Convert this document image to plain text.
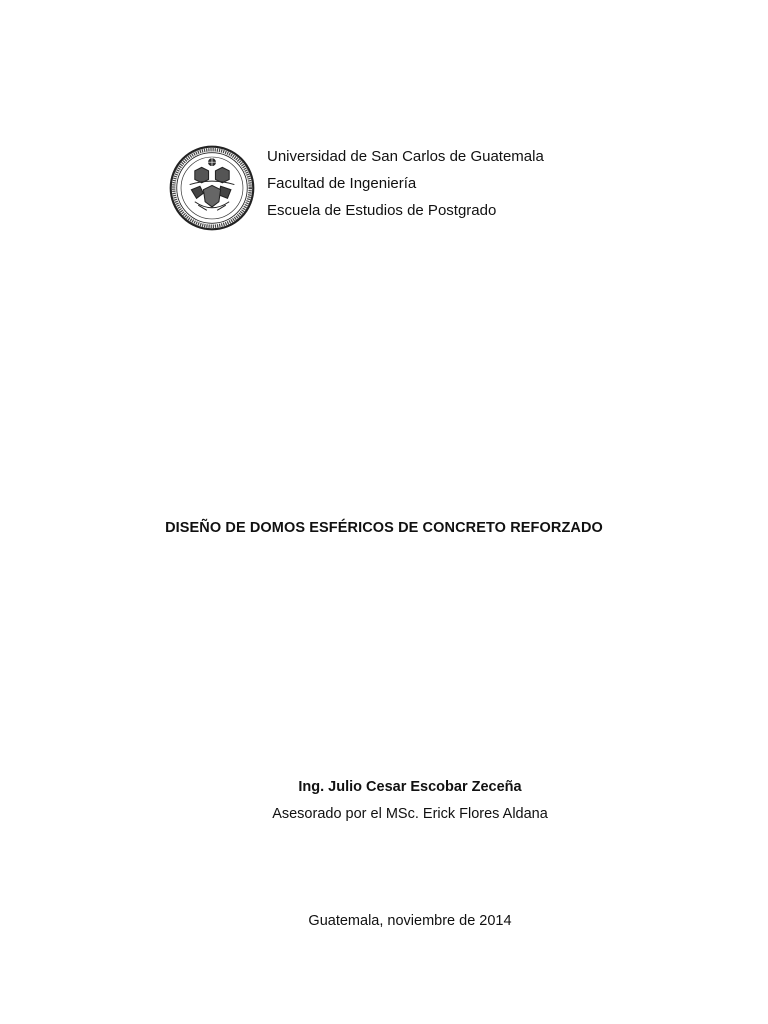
Universidad de San Carlos de Guatemala
Facultad de Ingeniería
Escuela de Estudios de Postgrado
DISEÑO DE DOMOS ESFÉRICOS DE CONCRETO REFORZADO
Ing. Julio Cesar Escobar Zeceña
Asesorado por el MSc. Erick Flores Aldana
Guatemala, noviembre de 2014
